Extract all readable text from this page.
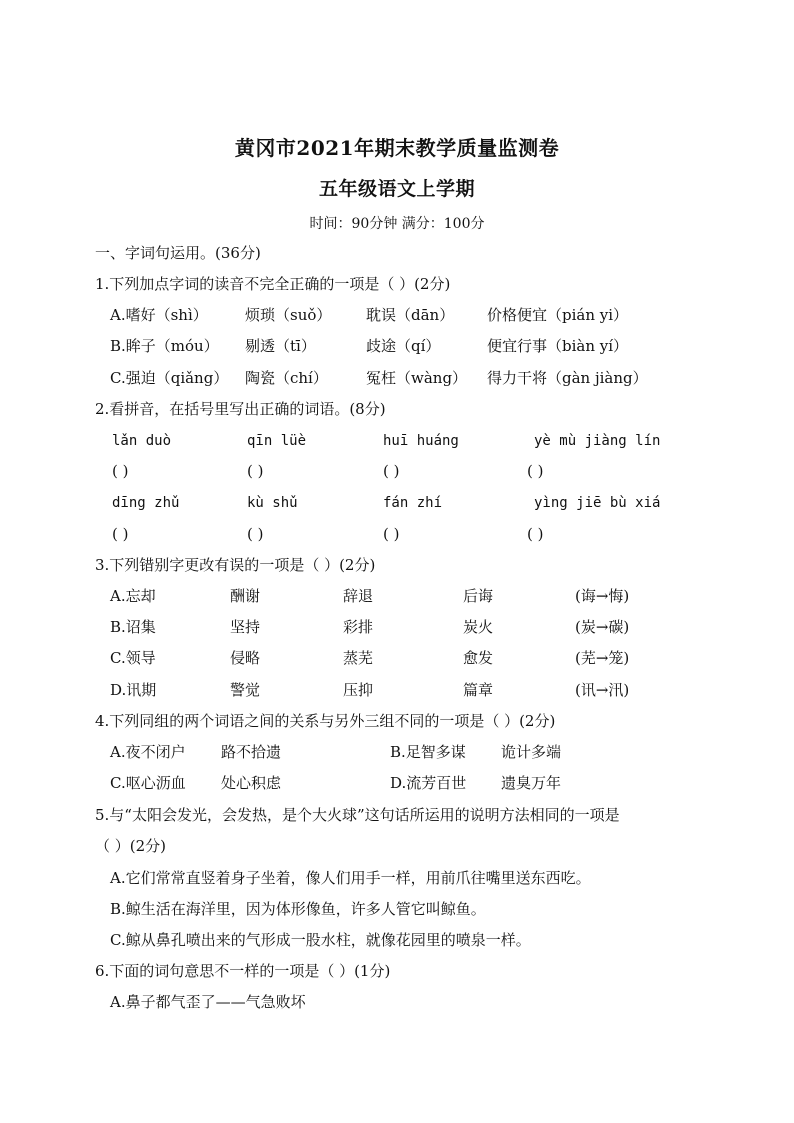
黄冈市2021年期末教学质量监测卷
五年级语文上学期
时间：90分钟 满分：100分
一、字词句运用。(36分)
1.下列加点字词的读音不完全正确的一项是（ ）(2分)
A.嗜好（shì） 烦琐（suǒ） 耽误（dān） 价格便宜（pián yi）
B.眸子（móu） 剔透（tī）	歧途（qí）	便宜行事（biàn yí）
C.强迫（qiǎng） 陶瓷（chí）	冤枉（wàng） 得力干将（gàn jiàng）
2.看拼音，在括号里写出正确的词语。(8分)
lǎn duò	qīn lüè	huī huáng	yè mù jiàng lín
( )	( )	( )	( )
dīng zhǔ	kù shǔ	fán zhí	yìng jiē bù xiá
( )	( )	( )	( )
3.下列错别字更改有误的一项是（ ）(2分)
A.忘却	酬谢	辞退	后诲	(诲→悔)
B.诏集	坚持	彩排	炭火	(炭→碳)
C.领导	侵略	蒸芜	愈发	(芜→笼)
D.讯期	警觉	压抑	篇章	(讯→汛)
4.下列同组的两个词语之间的关系与另外三组不同的一项是（ ）(2分)
A.夜不闭户 路不拾遗	B.足智多谋 诡计多端
C.呕心沥血 处心积虑	D.流芳百世 遗臭万年
5.与“太阳会发光，会发热，是个大火球”这句话所运用的说明方法相同的一项是
（ ）(2分)
A.它们常常直竖着身子坐着，像人们用手一样，用前爪往嘴里送东西吃。
B.鲸生活在海洋里，因为体形像鱼，许多人管它叫鲸鱼。
C.鲸从鼻孔喷出来的气形成一股水柱，就像花园里的喷泉一样。
6.下面的词句意思不一样的一项是（ ）(1分)
A.鼻子都气歪了——气急败坏
